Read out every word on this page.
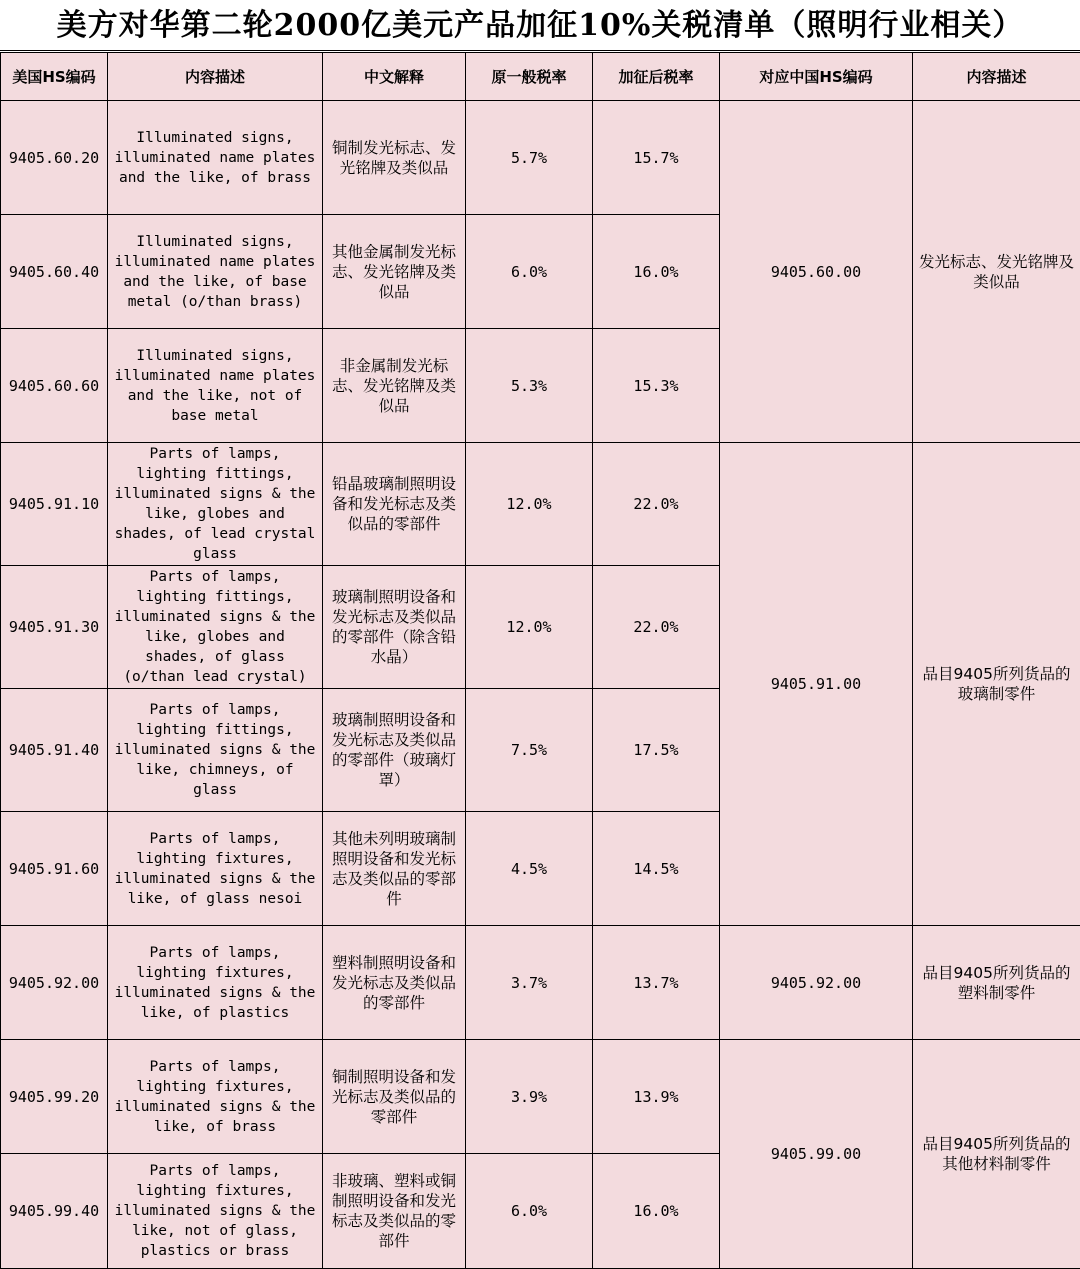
美方对华第二轮2000亿美元产品加征10%关税清单（照明行业相关）
美国HS编码	内容描述	中文解释	原一般税率	加征后税率	对应中国HS编码	内容描述
9405.60.20	Illuminated signs, illuminated name plates and the like, of brass	铜制发光标志、发光铭牌及类似品	5.7%	15.7%	9405.60.00	发光标志、发光铭牌及类似品
9405.60.40	Illuminated signs, illuminated name plates and the like, of base metal (o/than brass)	其他金属制发光标志、发光铭牌及类似品	6.0%	16.0%		
9405.60.60	Illuminated signs, illuminated name plates and the like, not of base metal	非金属制发光标志、发光铭牌及类似品	5.3%	15.3%		
9405.91.10	Parts of lamps, lighting fittings, illuminated signs & the like, globes and shades, of lead crystal glass	铅晶玻璃制照明设备和发光标志及类似品的零部件	12.0%	22.0%	9405.91.00	品目9405所列货品的玻璃制零件
9405.91.30	Parts of lamps, lighting fittings, illuminated signs & the like, globes and shades, of glass (o/than lead crystal)	玻璃制照明设备和发光标志及类似品的零部件（除含铅水晶）	12.0%	22.0%		
9405.91.40	Parts of lamps, lighting fittings, illuminated signs & the like, chimneys, of glass	玻璃制照明设备和发光标志及类似品的零部件（玻璃灯罩）	7.5%	17.5%		
9405.91.60	Parts of lamps, lighting fixtures, illuminated signs & the like, of glass nesoi	其他未列明玻璃制照明设备和发光标志及类似品的零部件	4.5%	14.5%		
9405.92.00	Parts of lamps, lighting fixtures, illuminated signs & the like, of plastics	塑料制照明设备和发光标志及类似品的零部件	3.7%	13.7%	9405.92.00	品目9405所列货品的塑料制零件
9405.99.20	Parts of lamps, lighting fixtures, illuminated signs & the like, of brass	铜制照明设备和发光标志及类似品的零部件	3.9%	13.9%	9405.99.00	品目9405所列货品的其他材料制零件
9405.99.40	Parts of lamps, lighting fixtures, illuminated signs & the like, not of glass, plastics or brass	非玻璃、塑料或铜制照明设备和发光标志及类似品的零部件	6.0%	16.0%		
